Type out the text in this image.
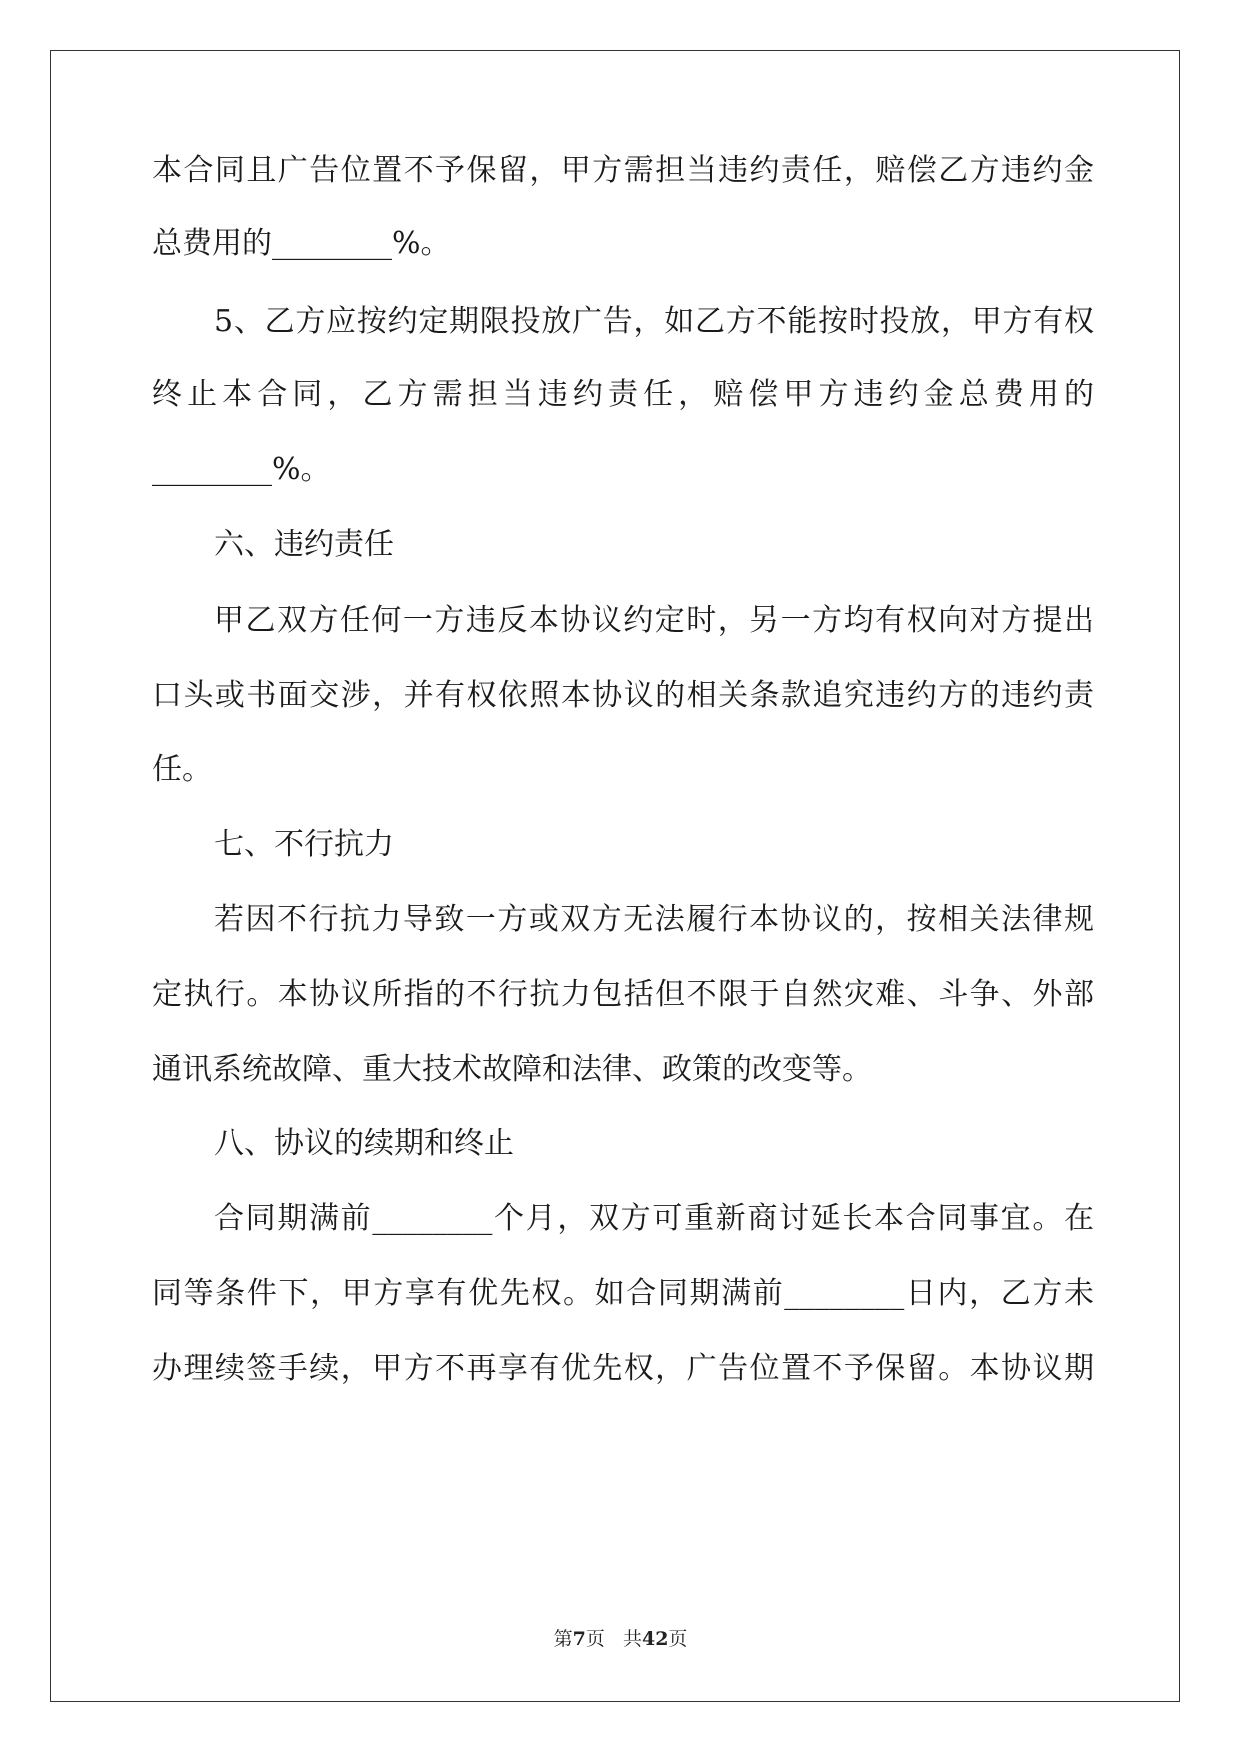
本合同且广告位置不予保留，甲方需担当违约责任，赔偿乙方违约金
总费用的________%。
5、乙方应按约定期限投放广告，如乙方不能按时投放，甲方有权
终止本合同，乙方需担当违约责任，赔偿甲方违约金总费用的
________%。
六、违约责任
甲乙双方任何一方违反本协议约定时，另一方均有权向对方提出
口头或书面交涉，并有权依照本协议的相关条款追究违约方的违约责
任。
七、不行抗力
若因不行抗力导致一方或双方无法履行本协议的，按相关法律规
定执行。本协议所指的不行抗力包括但不限于自然灾难、斗争、外部
通讯系统故障、重大技术故障和法律、政策的改变等。
八、协议的续期和终止
合同期满前________个月，双方可重新商讨延长本合同事宜。在
同等条件下，甲方享有优先权。如合同期满前________日内，乙方未
办理续签手续，甲方不再享有优先权，广告位置不予保留。本协议期
第7页 共42页
